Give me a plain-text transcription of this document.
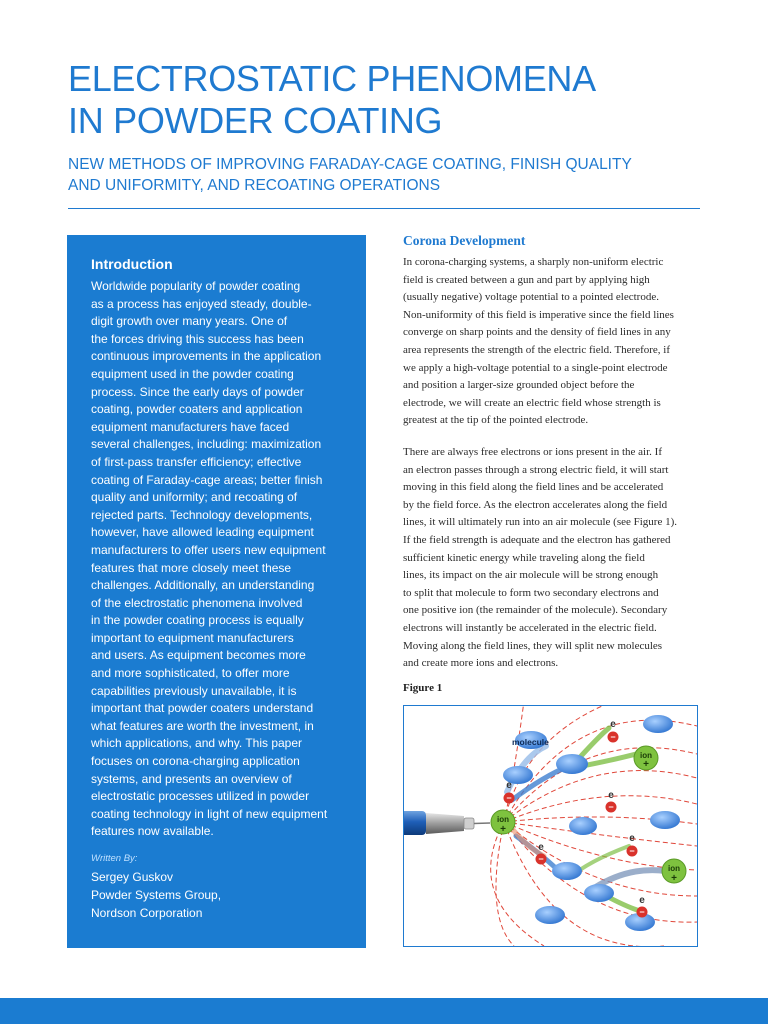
ELECTROSTATIC PHENOMENA
IN POWDER COATING
NEW METHODS OF IMPROVING FARADAY-CAGE COATING, FINISH QUALITY
AND UNIFORMITY, AND RECOATING OPERATIONS
Introduction
Worldwide popularity of powder coating
as a process has enjoyed steady, double-
digit growth over many years. One of
the forces driving this success has been
continuous improvements in the application
equipment used in the powder coating
process. Since the early days of powder
coating, powder coaters and application
equipment manufacturers have faced
several challenges, including: maximization
of first-pass transfer efficiency; effective
coating of Faraday-cage areas; better finish
quality and uniformity; and recoating of
rejected parts. Technology developments,
however, have allowed leading equipment
manufacturers to offer users new equipment
features that more closely meet these
challenges. Additionally, an understanding
of the electrostatic phenomena involved
in the powder coating process is equally
important to equipment manufacturers
and users. As equipment becomes more
and more sophisticated, to offer more
capabilities previously unavailable, it is
important that powder coaters understand
what features are worth the investment, in
which applications, and why. This paper
focuses on corona-charging application
systems, and presents an overview of
electrostatic processes utilized in powder
coating technology in light of new equipment
features now available.
Written By:
Sergey Guskov
Powder Systems Group,
Nordson Corporation
Corona Development
In corona-charging systems, a sharply non-uniform electric
field is created between a gun and part by applying high
(usually negative) voltage potential to a pointed electrode.
Non-uniformity of this field is imperative since the field lines
converge on sharp points and the density of field lines in any
area represents the strength of the electric field. Therefore, if
we apply a high-voltage potential to a single-point electrode
and position a larger-size grounded object before the
electrode, we will create an electric field whose strength is
greatest at the tip of the pointed electrode.
There are always free electrons or ions present in the air. If
an electron passes through a strong electric field, it will start
moving in this field along the field lines and be accelerated
by the field force. As the electron accelerates along the field
lines, it will ultimately run into an air molecule (see Figure 1).
If the field strength is adequate and the electron has gathered
sufficient kinetic energy while traveling along the field
lines, its impact on the air molecule will be strong enough
to split that molecule to form two secondary electrons and
one positive ion (the remainder of the molecule). Secondary
electrons will instantly be accelerated in the electric field.
Moving along the field lines, they will split new molecules
and create more ions and electrons.
Figure 1
molecule
ion
+
ion
+
ion
+
e
−
e
−	e
−
e
−
e
−
e
−
